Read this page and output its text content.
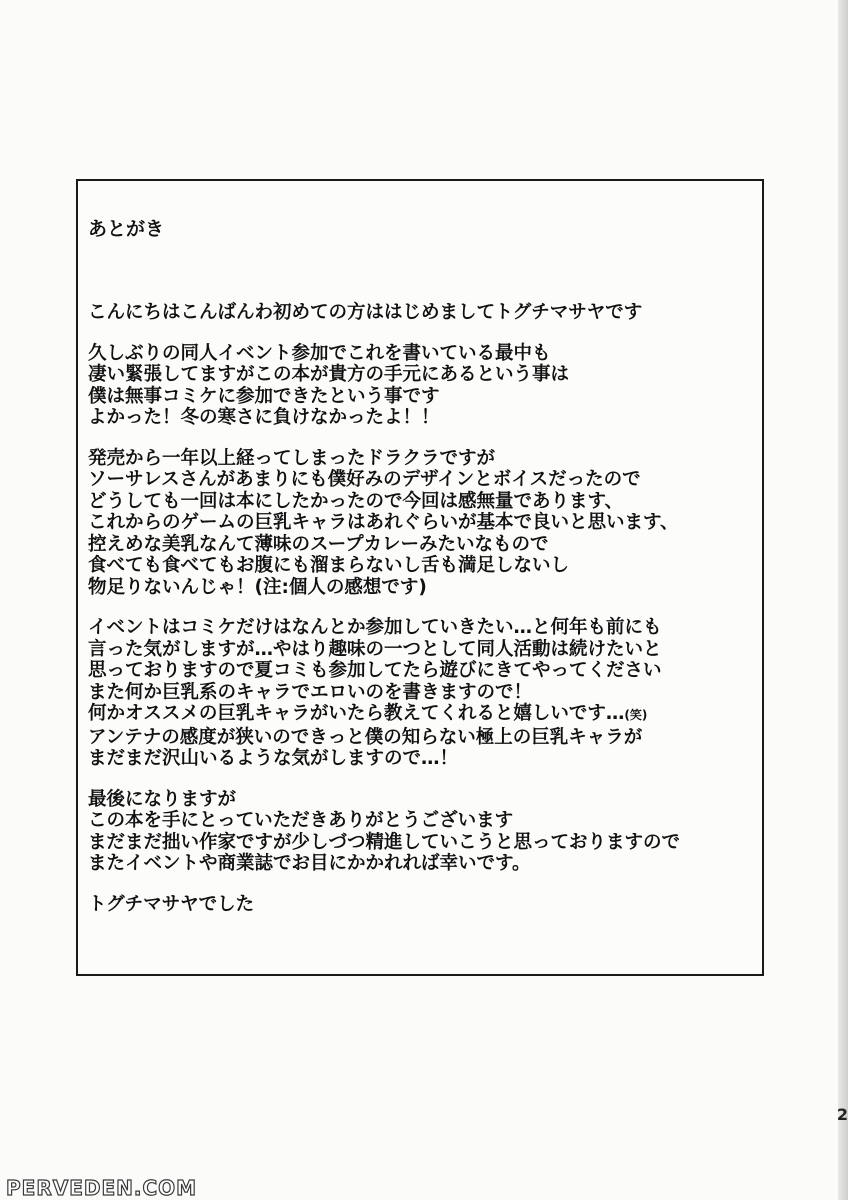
あとがき
こんにちはこんばんわ初めての方ははじめましてトグチマサヤです
久しぶりの同人イベント参加でこれを書いている最中も
凄い緊張してますがこの本が貴方の手元にあるという事は
僕は無事コミケに参加できたという事です
よかった！冬の寒さに負けなかったよ！！
発売から一年以上経ってしまったドラクラですが
ソーサレスさんがあまりにも僕好みのデザインとボイスだったので
どうしても一回は本にしたかったので今回は感無量であります、
これからのゲームの巨乳キャラはあれぐらいが基本で良いと思います、
控えめな美乳なんて薄味のスープカレーみたいなもので
食べても食べてもお腹にも溜まらないし舌も満足しないし
物足りないんじゃ！(注:個人の感想です)
イベントはコミケだけはなんとか参加していきたい…と何年も前にも
言った気がしますが…やはり趣味の一つとして同人活動は続けたいと
思っておりますので夏コミも参加してたら遊びにきてやってください
また何か巨乳系のキャラでエロいのを書きますので！
何かオススメの巨乳キャラがいたら教えてくれると嬉しいです…(笑)
アンテナの感度が狭いのできっと僕の知らない極上の巨乳キャラが
まだまだ沢山いるような気がしますので…！
最後になりますが
この本を手にとっていただきありがとうございます
まだまだ拙い作家ですが少しづつ精進していこうと思っておりますので
またイベントや商業誌でお目にかかれれば幸いです。
トグチマサヤでした
2
PERVEDEN.COM
